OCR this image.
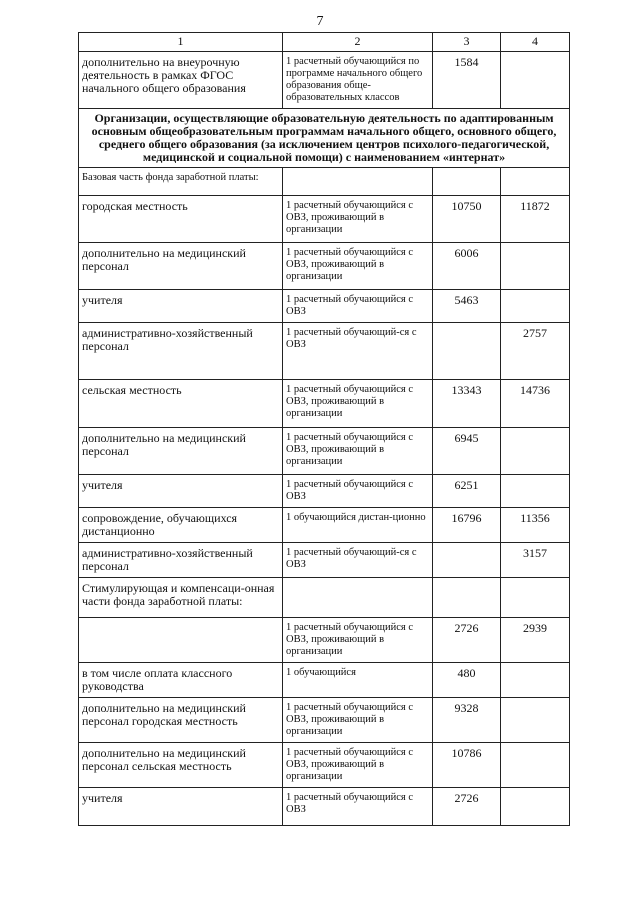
7
1	2	3	4
дополнительно на внеурочную деятельность в рамках ФГОС начального общего образования	1 расчетный обучающийся по программе начального общего образования обще-образовательных классов	1584	
Организации, осуществляющие образовательную деятельность по адаптированным основным общеобразовательным программам начального общего, основного общего, среднего общего образования (за исключением центров психолого-педагогической, медицинской и социальной помощи) с наименованием «интернат»			
Базовая часть фонда заработной платы:			
городская местность	1 расчетный обучающийся с ОВЗ, проживающий в организации	10750	11872
дополнительно на медицинский персонал	1 расчетный обучающийся с ОВЗ, проживающий в организации	6006	
учителя	1 расчетный обучающийся с ОВЗ	5463	
административно-хозяйственный персонал	1 расчетный обучающий-ся с ОВЗ		2757
сельская местность	1 расчетный обучающийся с ОВЗ, проживающий в организации	13343	14736
дополнительно на медицинский персонал	1 расчетный обучающийся с ОВЗ, проживающий в организации	6945	
учителя	1 расчетный обучающийся с ОВЗ	6251	
сопровождение, обучающихся дистанционно	1 обучающийся дистан-ционно	16796	11356
административно-хозяйственный персонал	1 расчетный обучающий-ся с ОВЗ		3157
Стимулирующая и компенсаци-онная части фонда заработной платы:			
	1 расчетный обучающийся с ОВЗ, проживающий в организации	2726	2939
в том числе оплата классного руководства	1 обучающийся	480	
дополнительно на медицинский персонал городская местность	1 расчетный обучающийся с ОВЗ, проживающий в организации	9328	
дополнительно на медицинский персонал сельская местность	1 расчетный обучающийся с ОВЗ, проживающий в организации	10786	
учителя	1 расчетный обучающийся с ОВЗ	2726	
